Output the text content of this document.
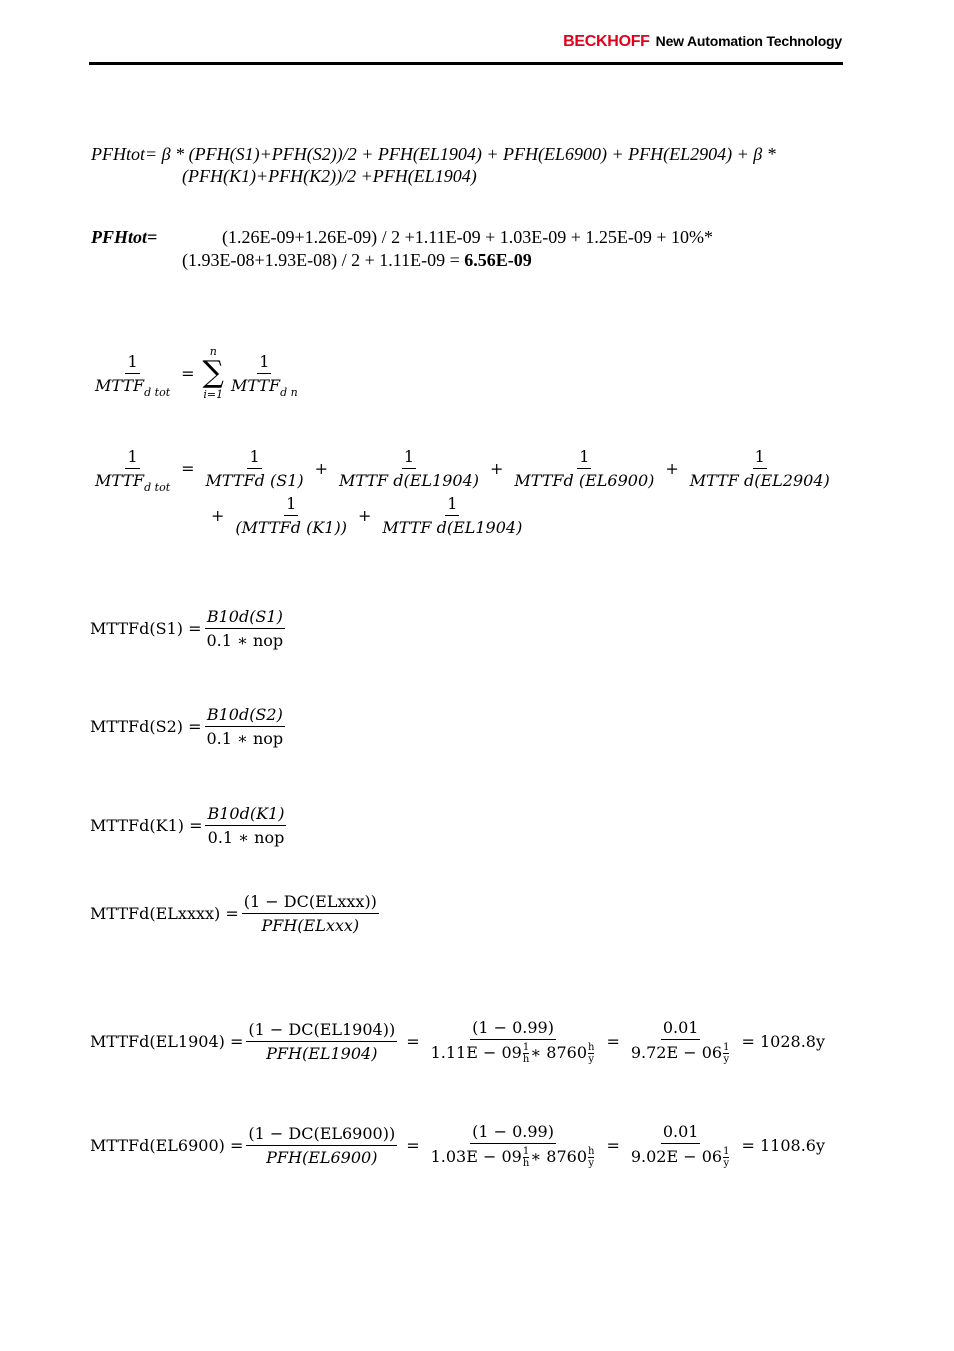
BECKHOFF New Automation Technology
PFHtot= β * (PFH(S1)+PFH(S2))/2 + PFH(EL1904) + PFH(EL6900) + PFH(EL2904) + β *
(PFH(K1)+PFH(K2))/2 +PFH(EL1904)
PFHtot=	(1.26E-09+1.26E-09) / 2 +1.11E-09 + 1.03E-09 + 1.25E-09 + 10%*
(1.93E-08+1.93E-08) / 2 + 1.11E-09 = 6.56E-09
$\frac{1}{MTTF_{d tot}}$ =
n
∑
$i=1 \frac{1}{MTTF_{d n}}$
$\frac{1}{MTTF_{d tot}} = \frac{1}{\text{MTTFd (S1)}} + \frac{1}{\text{MTTF d(EL1904)}} + \frac{1}{\text{MTTFd (EL6900)}} + \frac{1}{\text{MTTF d(EL2904)}}$
+ $\frac{1}{\text{(MTTFd (K1))}} + \frac{1}{\text{MTTF d(EL1904)}}$
MTTFd(S1) = $\frac{B10d(S1)}{\text{0.1 ∗ nop}}$
MTTFd(S2) = $\frac{B10d(S2)}{\text{0.1 ∗ nop}}$
MTTFd(K1) = $\frac{B10d(K1)}{\text{0.1 ∗ nop}}$
MTTFd(ELxxxx) = $\frac{\text{(1 − DC(ELxxx))}}{\text{PFH(ELxxx)}}$
MTTFd(EL1904) = $\frac{(1 - DC(EL1904))}{\text{PFH(EL1904)}} = \frac{(1 - 0.99)}{1.11E - 09 \frac{1}{h} ∗ 8760 \frac{h}{y}} = \frac{0.01}{9.72E - 06 \frac{1}{y}} = 1028.8y$
MTTFd(EL6900) = $\frac{(1 - DC(EL6900))}{\text{PFH(EL6900)}} = \frac{(1 - 0.99)}{1.03E - 09 \frac{1}{h} ∗ 8760 \frac{h}{y}} = \frac{0.01}{9.02E - 06 \frac{1}{y}} = 1108.6y$
